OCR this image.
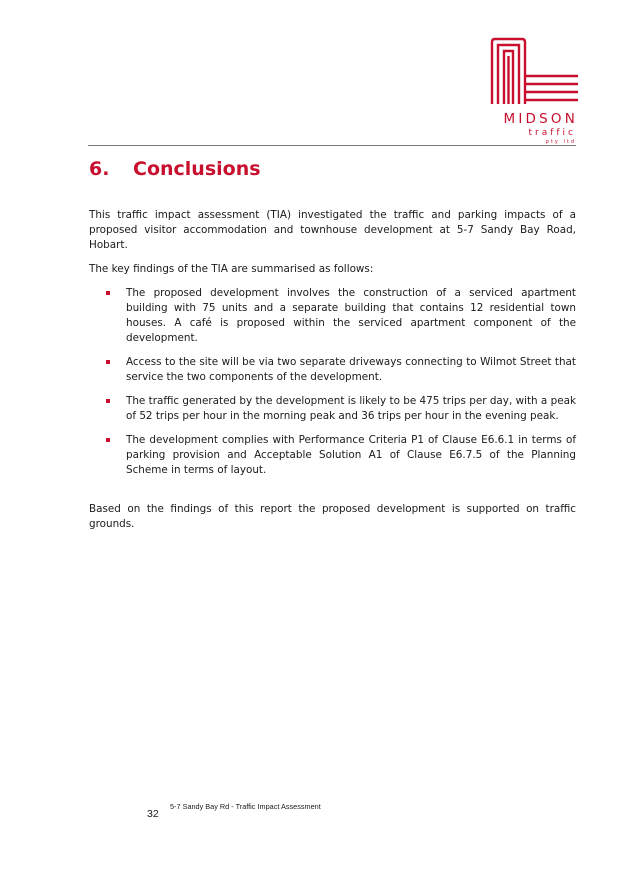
MIDSON
traffic
pty ltd
6.	Conclusions

This traffic impact assessment (TIA) investigated the traffic and parking impacts of a proposed visitor accommodation and townhouse development at 5-7 Sandy Bay Road, Hobart.

The key findings of the TIA are summarised as follows:

The proposed development involves the construction of a serviced apartment building with 75 units and a separate building that contains 12 residential town houses. A café is proposed within the serviced apartment component of the development.
Access to the site will be via two separate driveways connecting to Wilmot Street that service the two components of the development.
The traffic generated by the development is likely to be 475 trips per day, with a peak of 52 trips per hour in the morning peak and 36 trips per hour in the evening peak.
The development complies with Performance Criteria P1 of Clause E6.6.1 in terms of parking provision and Acceptable Solution A1 of Clause E6.7.5 of the Planning Scheme in terms of layout.

Based on the findings of this report the proposed development is supported on traffic grounds.

32
5-7 Sandy Bay Rd - Traffic Impact Assessment
